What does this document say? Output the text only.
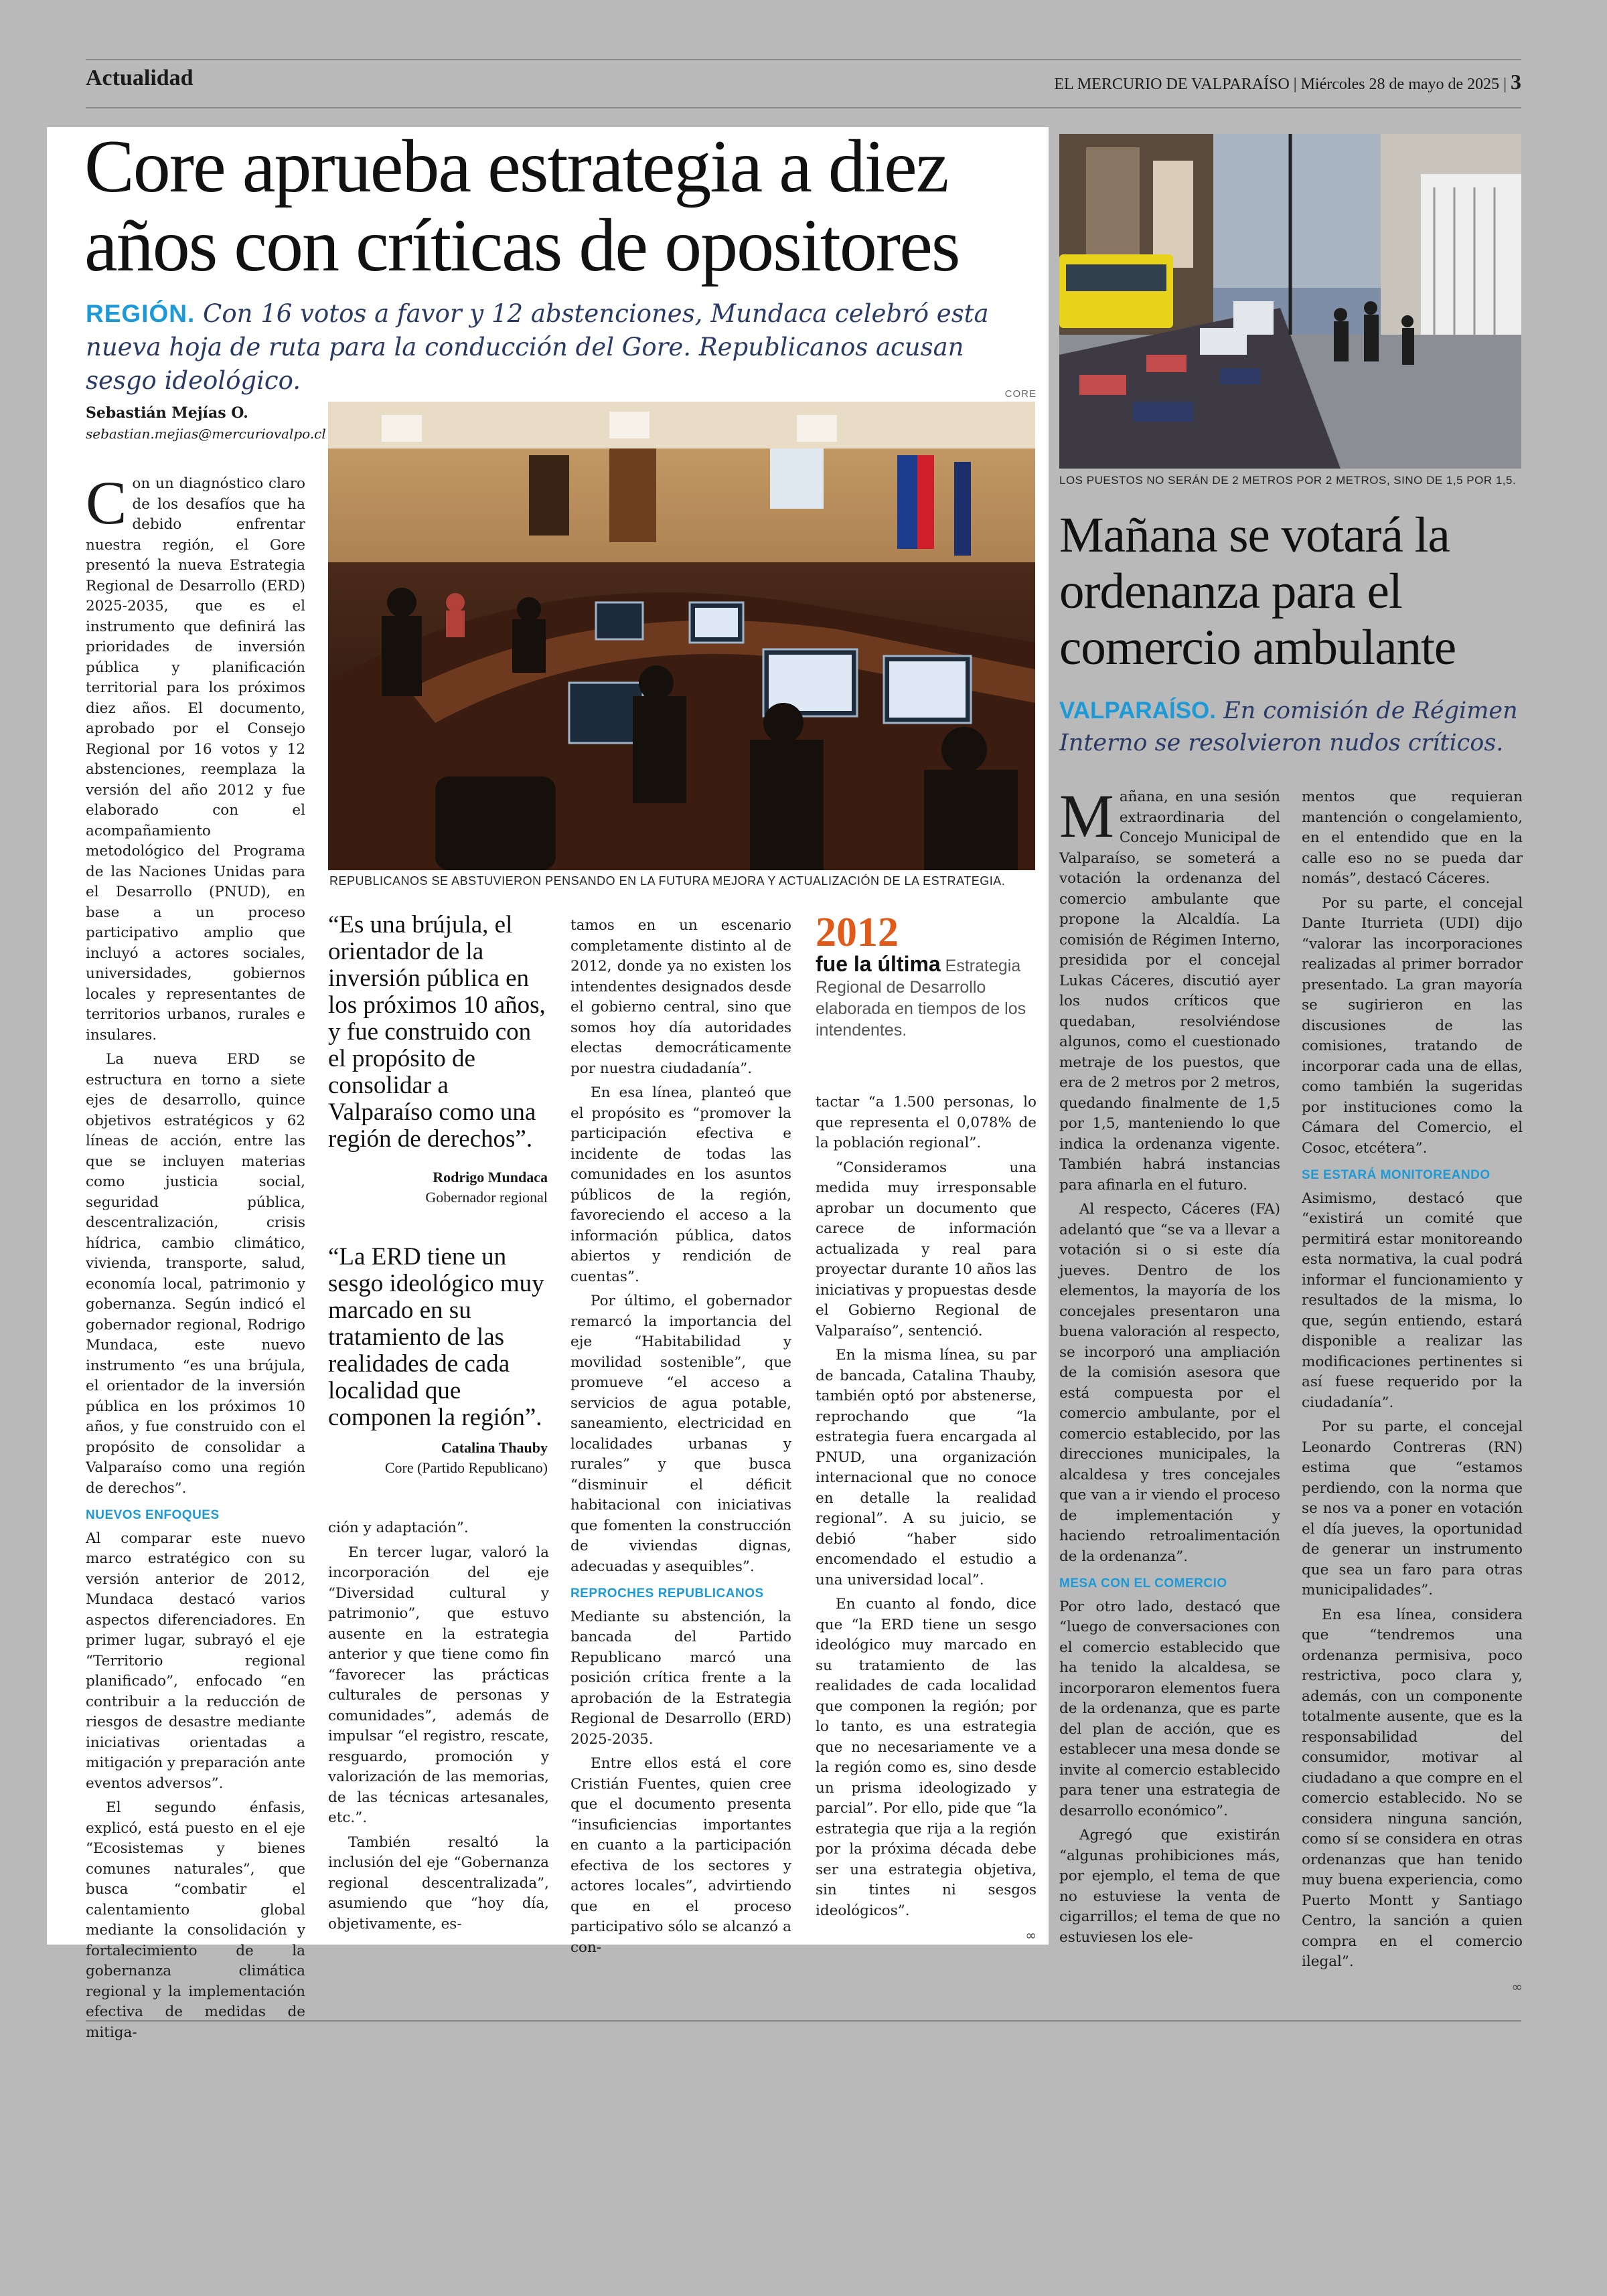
Actualidad	EL MERCURIO DE VALPARAÍSO | Miércoles 28 de mayo de 2025 | 3
Core aprueba estrategia a diez años con críticas de opositores
REGIÓN. Con 16 votos a favor y 12 abstenciones, Mundaca celebró esta nueva hoja de ruta para la conducción del Gore. Republicanos acusan sesgo ideológico.
Sebastián Mejías O.
sebastian.mejias@mercuriovalpo.cl
CORE
REPUBLICANOS SE ABSTUVIERON PENSANDO EN LA FUTURA MEJORA Y ACTUALIZACIÓN DE LA ESTRATEGIA.

Con un diagnóstico claro de los desafíos que ha debido enfrentar nuestra región, el Gore presentó la nueva Estrategia Regional de Desarrollo (ERD) 2025-2035, que es el instrumento que definirá las prioridades de inversión pública y planificación territorial para los próximos diez años. El documento, aprobado por el Consejo Regional por 16 votos y 12 abstenciones, reemplaza la versión del año 2012 y fue elaborado con el acompañamiento metodológico del Programa de las Naciones Unidas para el Desarrollo (PNUD), en base a un proceso participativo amplio que incluyó a actores sociales, universidades, gobiernos locales y representantes de territorios urbanos, rurales e insulares.

La nueva ERD se estructura en torno a siete ejes de desarrollo, quince objetivos estratégicos y 62 líneas de acción, entre las que se incluyen materias como justicia social, seguridad pública, descentralización, crisis hídrica, cambio climático, vivienda, transporte, salud, economía local, patrimonio y gobernanza. Según indicó el gobernador regional, Rodrigo Mundaca, este nuevo instrumento “es una brújula, el orientador de la inversión pública en los próximos 10 años, y fue construido con el propósito de consolidar a Valparaíso como una región de derechos”.

NUEVOS ENFOQUES

Al comparar este nuevo marco estratégico con su versión anterior de 2012, Mundaca destacó varios aspectos diferenciadores. En primer lugar, subrayó el eje “Territorio regional planificado”, enfocado “en contribuir a la reducción de riesgos de desastre mediante iniciativas orientadas a mitigación y preparación ante eventos adversos”.

El segundo énfasis, explicó, está puesto en el eje “Ecosistemas y bienes comunes naturales”, que busca “combatir el calentamiento global mediante la consolidación y fortalecimiento de la gobernanza climática regional y la implementación efectiva de medidas de mitiga-

“Es una brújula, el orientador de la inversión pública en los próximos 10 años, y fue construido con el propósito de consolidar a Valparaíso como una región de derechos”.
Rodrigo Mundaca
Gobernador regional
“La ERD tiene un sesgo ideológico muy marcado en su tratamiento de las realidades de cada localidad que componen la región”.
Catalina Thauby
Core (Partido Republicano)

ción y adaptación”.

En tercer lugar, valoró la incorporación del eje “Diversidad cultural y patrimonio”, que estuvo ausente en la estrategia anterior y que tiene como fin “favorecer las prácticas culturales de personas y comunidades”, además de impulsar “el registro, rescate, resguardo, promoción y valorización de las memorias, de las técnicas artesanales, etc.”.

También resaltó la inclusión del eje “Gobernanza regional descentralizada”, asumiendo que “hoy día, objetivamente, es-

tamos en un escenario completamente distinto al de 2012, donde ya no existen los intendentes designados desde el gobierno central, sino que somos hoy día autoridades electas democráticamente por nuestra ciudadanía”.

En esa línea, planteó que el propósito es “promover la participación efectiva e incidente de todas las comunidades en los asuntos públicos de la región, favoreciendo el acceso a la información pública, datos abiertos y rendición de cuentas”.

Por último, el gobernador remarcó la importancia del eje “Habitabilidad y movilidad sostenible”, que promueve “el acceso a servicios de agua potable, saneamiento, electricidad en localidades urbanas y rurales” y que busca “disminuir el déficit habitacional con iniciativas que fomenten la construcción de viviendas dignas, adecuadas y asequibles”.

REPROCHES REPUBLICANOS

Mediante su abstención, la bancada del Partido Republicano marcó una posición crítica frente a la aprobación de la Estrategia Regional de Desarrollo (ERD) 2025-2035.

Entre ellos está el core Cristián Fuentes, quien cree que el documento presenta “insuficiencias importantes en cuanto a la participación efectiva de los sectores y actores locales”, advirtiendo que en el proceso participativo sólo se alcanzó a con-

2012
fue la última Estrategia Regional de Desarrollo elaborada en tiempos de los intendentes.

tactar “a 1.500 personas, lo que representa el 0,078% de la población regional”.

“Consideramos una medida muy irresponsable aprobar un documento que carece de información actualizada y real para proyectar durante 10 años las iniciativas y propuestas desde el Gobierno Regional de Valparaíso”, sentenció.

En la misma línea, su par de bancada, Catalina Thauby, también optó por abstenerse, reprochando que “la estrategia fuera encargada al PNUD, una organización internacional que no conoce en detalle la realidad regional”. A su juicio, se debió “haber sido encomendado el estudio a una universidad local”.

En cuanto al fondo, dice que “la ERD tiene un sesgo ideológico muy marcado en su tratamiento de las realidades de cada localidad que componen la región; por lo tanto, es una estrategia que no necesariamente ve a la región como es, sino desde un prisma ideologizado y parcial”. Por ello, pide que “la estrategia que rija a la región por la próxima década debe ser una estrategia objetiva, sin tintes ni sesgos ideológicos”.

∞
LOS PUESTOS NO SERÁN DE 2 METROS POR 2 METROS, SINO DE 1,5 POR 1,5.
Mañana se votará la ordenanza para el comercio ambulante
VALPARAÍSO. En comisión de Régimen Interno se resolvieron nudos críticos.

Mañana, en una sesión extraordinaria del Concejo Municipal de Valparaíso, se someterá a votación la ordenanza del comercio ambulante que propone la Alcaldía. La comisión de Régimen Interno, presidida por el concejal Lukas Cáceres, discutió ayer los nudos críticos que quedaban, resolviéndose algunos, como el cuestionado metraje de los puestos, que era de 2 metros por 2 metros, quedando finalmente de 1,5 por 1,5, manteniendo lo que indica la ordenanza vigente. También habrá instancias para afinarla en el futuro.

Al respecto, Cáceres (FA) adelantó que “se va a llevar a votación si o si este día jueves. Dentro de los elementos, la mayoría de los concejales presentaron una buena valoración al respecto, se incorporó una ampliación de la comisión asesora que está compuesta por el comercio ambulante, por el comercio establecido, por las direcciones municipales, la alcaldesa y tres concejales que van a ir viendo el proceso de implementación y haciendo retroalimentación de la ordenanza”.

MESA CON EL COMERCIO

Por otro lado, destacó que “luego de conversaciones con el comercio establecido que ha tenido la alcaldesa, se incorporaron elementos fuera de la ordenanza, que es parte del plan de acción, que es establecer una mesa donde se invite al comercio establecido para tener una estrategia de desarrollo económico”.

Agregó que existirán “algunas prohibiciones más, por ejemplo, el tema de que no estuviese la venta de cigarrillos; el tema de que no estuviesen los ele-

mentos que requieran mantención o congelamiento, en el entendido que en la calle eso no se pueda dar nomás”, destacó Cáceres.

Por su parte, el concejal Dante Iturrieta (UDI) dijo “valorar las incorporaciones realizadas al primer borrador presentado. La gran mayoría se sugirieron en las discusiones de las comisiones, tratando de incorporar cada una de ellas, como también la sugeridas por instituciones como la Cámara del Comercio, el Cosoc, etcétera”.

SE ESTARÁ MONITOREANDO

Asimismo, destacó que “existirá un comité que permitirá estar monitoreando esta normativa, la cual podrá informar el funcionamiento y resultados de la misma, lo que, según entiendo, estará disponible a realizar las modificaciones pertinentes si así fuese requerido por la ciudadanía”.

Por su parte, el concejal Leonardo Contreras (RN) estima que “estamos perdiendo, con la norma que se nos va a poner en votación el día jueves, la oportunidad de generar un instrumento que sea un faro para otras municipalidades”.

En esa línea, considera que “tendremos una ordenanza permisiva, poco restrictiva, poco clara y, además, con un componente totalmente ausente, que es la responsabilidad del consumidor, motivar al ciudadano a que compre en el comercio establecido. No se considera ninguna sanción, como sí se considera en otras ordenanzas que han tenido muy buena experiencia, como Puerto Montt y Santiago Centro, la sanción a quien compra en el comercio ilegal”.

∞
